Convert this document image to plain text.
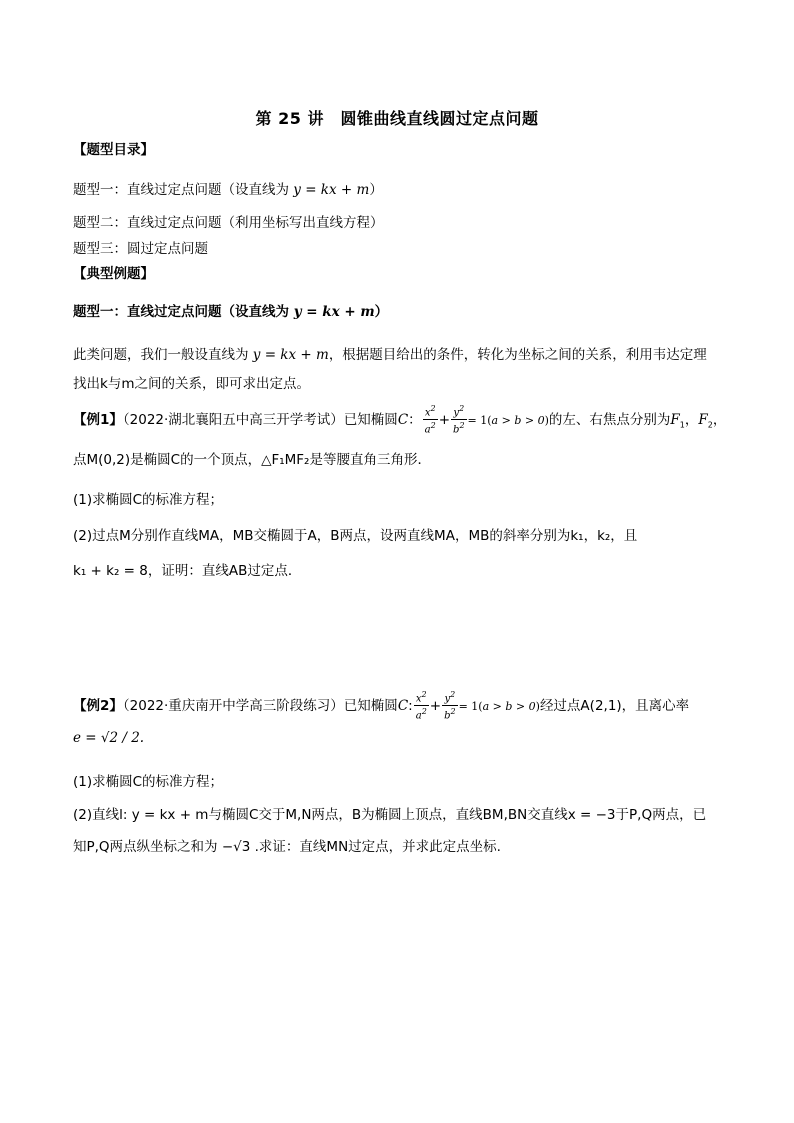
第 25 讲　圆锥曲线直线圆过定点问题
【题型目录】
题型一：直线过定点问题（设直线为 y = kx + m）
题型二：直线过定点问题（利用坐标写出直线方程）
题型三：圆过定点问题
【典型例题】
题型一：直线过定点问题（设直线为 y = kx + m）
此类问题，我们一般设直线为 y = kx + m，根据题目给出的条件，转化为坐标之间的关系，利用韦达定理
找出k与m之间的关系，即可求出定点。
【例1】（2022·湖北襄阳五中高三开学考试）已知椭圆C： $\frac{x^2}{a^2} + \frac{y^2}{b^2} = 1(a > b > 0)$的左、右焦点分别为$F_1$，$F_2$，
点M(0,2)是椭圆C的一个顶点，△F₁MF₂是等腰直角三角形．
(1)求椭圆C的标准方程；
(2)过点M分别作直线MA，MB交椭圆于A，B两点，设两直线MA，MB的斜率分别为k₁，k₂，且
k₁ + k₂ = 8，证明：直线AB过定点．
【例2】（2022·重庆南开中学高三阶段练习）已知椭圆C: $\frac{x^2}{a^2} + \frac{y^2}{b^2} = 1(a > b > 0)$经过点A(2,1)，且离心率
e = √2 / 2.
(1)求椭圆C的标准方程；
(2)直线l: y = kx + m与椭圆C交于M,N两点，B为椭圆上顶点，直线BM,BN交直线x = −3于P,Q两点，已
知P,Q两点纵坐标之和为 −√3 .求证：直线MN过定点，并求此定点坐标.
